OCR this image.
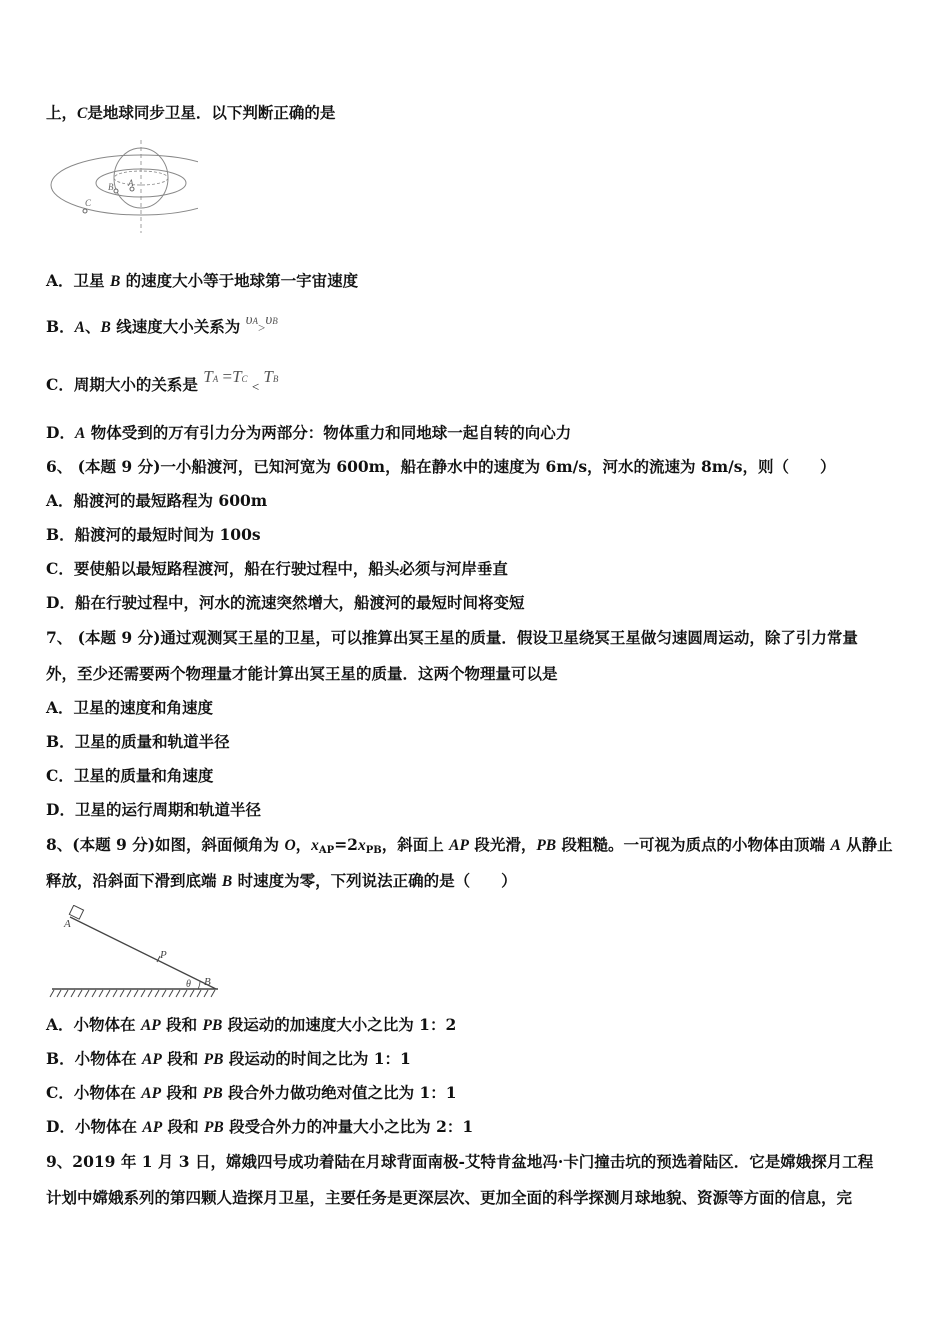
上，C是地球同步卫星．以下判断正确的是
A
B
C
A．卫星 B 的速度大小等于地球第一宇宙速度
B．A、B 线速度大小关系为 υA>υB
C．周期大小的关系是 TA =TC $_<$ TB
D．A 物体受到的万有引力分为两部分：物体重力和同地球一起自转的向心力
6、 (本题 9 分)一小船渡河，已知河宽为 600m，船在静水中的速度为 6m/s，河水的流速为 8m/s，则（　　）
A．船渡河的最短路程为 600m
B．船渡河的最短时间为 100s
C．要使船以最短路程渡河，船在行驶过程中，船头必须与河岸垂直
D．船在行驶过程中，河水的流速突然增大，船渡河的最短时间将变短
7、 (本题 9 分)通过观测冥王星的卫星，可以推算出冥王星的质量．假设卫星绕冥王星做匀速圆周运动，除了引力常量
外，至少还需要两个物理量才能计算出冥王星的质量．这两个物理量可以是
A．卫星的速度和角速度
B．卫星的质量和轨道半径
C．卫星的质量和角速度
D．卫星的运行周期和轨道半径
8、(本题 9 分)如图，斜面倾角为 O，$x_{AP}=2x_{PB}$，斜面上 AP 段光滑，PB 段粗糙。一可视为质点的小物体由顶端 A 从静止
释放，沿斜面下滑到底端 B 时速度为零，下列说法正确的是（　　）
A
P
B
θ
A．小物体在 AP 段和 PB 段运动的加速度大小之比为 1：2
B．小物体在 AP 段和 PB 段运动的时间之比为 1：1
C．小物体在 AP 段和 PB 段合外力做功绝对值之比为 1：1
D．小物体在 AP 段和 PB 段受合外力的冲量大小之比为 2：1
9、2019 年 1 月 3 日，嫦娥四号成功着陆在月球背面南极-艾特肯盆地冯·卡门撞击坑的预选着陆区．它是嫦娥探月工程
计划中嫦娥系列的第四颗人造探月卫星，主要任务是更深层次、更加全面的科学探测月球地貌、资源等方面的信息，完
